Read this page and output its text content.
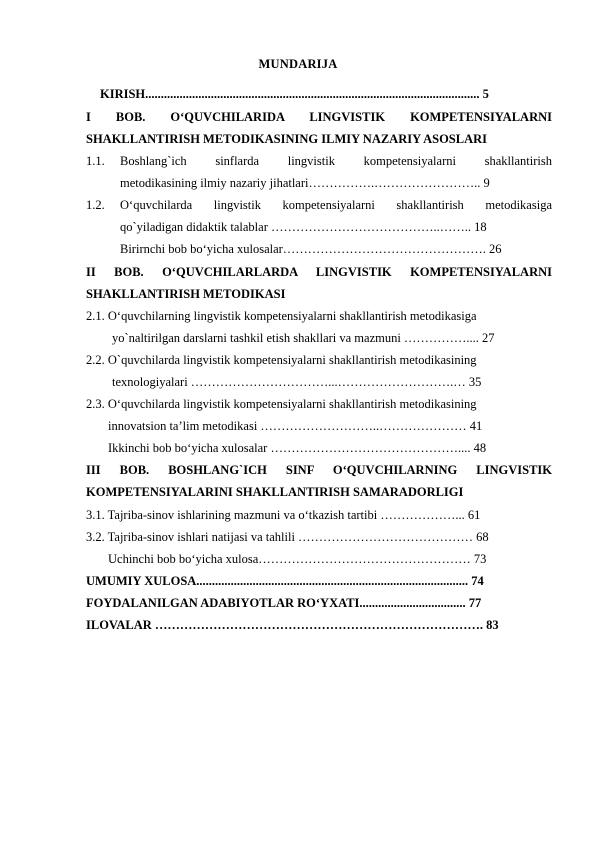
MUNDARIJA
KIRISH........................................................................................................... 5
I BOB. O‘QUVCHILARIDA LINGVISTIK KOMPETENSIYALARNI
SHAKLLANTIRISH METODIKASINING ILMIY NAZARIY ASOSLARI
1.1. Boshlang`ich sinflarda lingvistik kompetensiyalarni shakllantirish
metodikasining ilmiy nazariy jihatlari…………….…………………….. 9
1.2. O‘quvchilarda lingvistik kompetensiyalarni shakllantirish metodikasiga
qo`yiladigan didaktik talablar …………………………………..…….. 18
Birirnchi bob bo‘yicha xulosalar…………………………………………. 26
II BOB. O‘QUVCHILARLARDA LINGVISTIK KOMPETENSIYALARNI
SHAKLLANTIRISH METODIKASI
2.1. O‘quvchilarning lingvistik kompetensiyalarni shakllantirish metodikasiga
yo`naltirilgan darslarni tashkil etish shakllari va mazmuni …………….... 27
2.2. O`quvchilarda lingvistik kompetensiyalarni shakllantirish metodikasining
texnologiyalari ……………………………...……………………….… 35
2.3. O‘quvchilarda lingvistik kompetensiyalarni shakllantirish metodikasining
innovatsion ta’lim metodikasi ………………………..………………… 41
Ikkinchi bob bo‘yicha xulosalar ……………………………………….... 48
III BOB. BOSHLANG`ICH SINF O‘QUVCHILARNING LINGVISTIK
KOMPETENSIYALARINI SHAKLLANTIRISH SAMARADORLIGI
3.1. Tajriba-sinov ishlarining mazmuni va o‘tkazish tartibi ………………... 61
3.2. Tajriba-sinov ishlari natijasi va tahlili …………………………………… 68
Uchinchi bob bo‘yicha xulosa…………………………………………… 73
UMUMIY XULOSA....................................................................................... 74
FOYDALANILGAN ADABIYOTLAR RO‘YXATI.................................. 77
ILOVALAR ……………………………………………………………………. 83
